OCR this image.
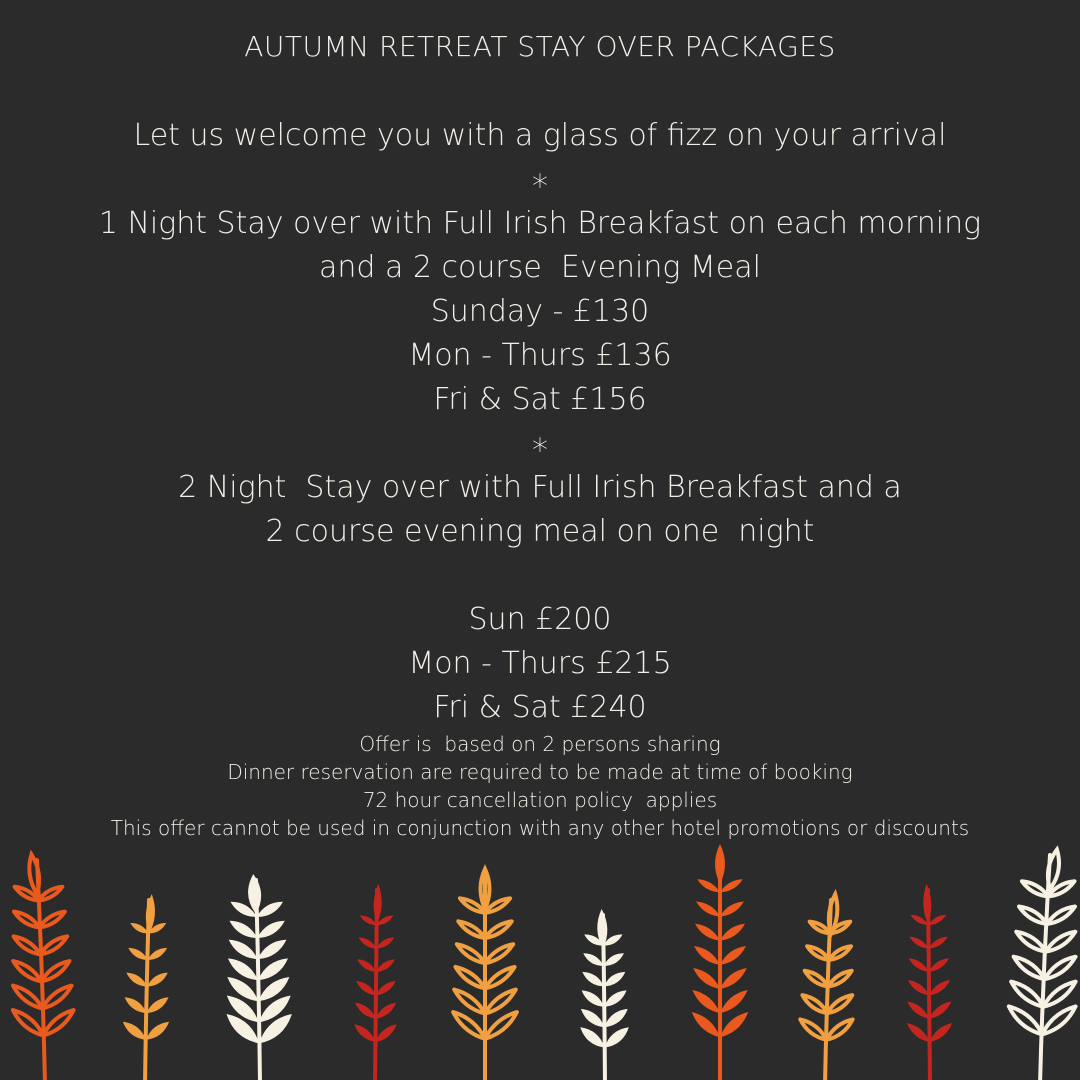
AUTUMN RETREAT STAY OVER PACKAGES
Let us welcome you with a glass of fizz on your arrival
*
1 Night Stay over with Full Irish Breakfast on each morning
and a 2 course  Evening Meal
Sunday - £130
Mon - Thurs £136
Fri & Sat £156
*
2 Night  Stay over with Full Irish Breakfast and a
2 course evening meal on one  night
Sun £200
Mon - Thurs £215
Fri & Sat £240
Offer is  based on 2 persons sharing
Dinner reservation are required to be made at time of booking
72 hour cancellation policy  applies
This offer cannot be used in conjunction with any other hotel promotions or discounts
